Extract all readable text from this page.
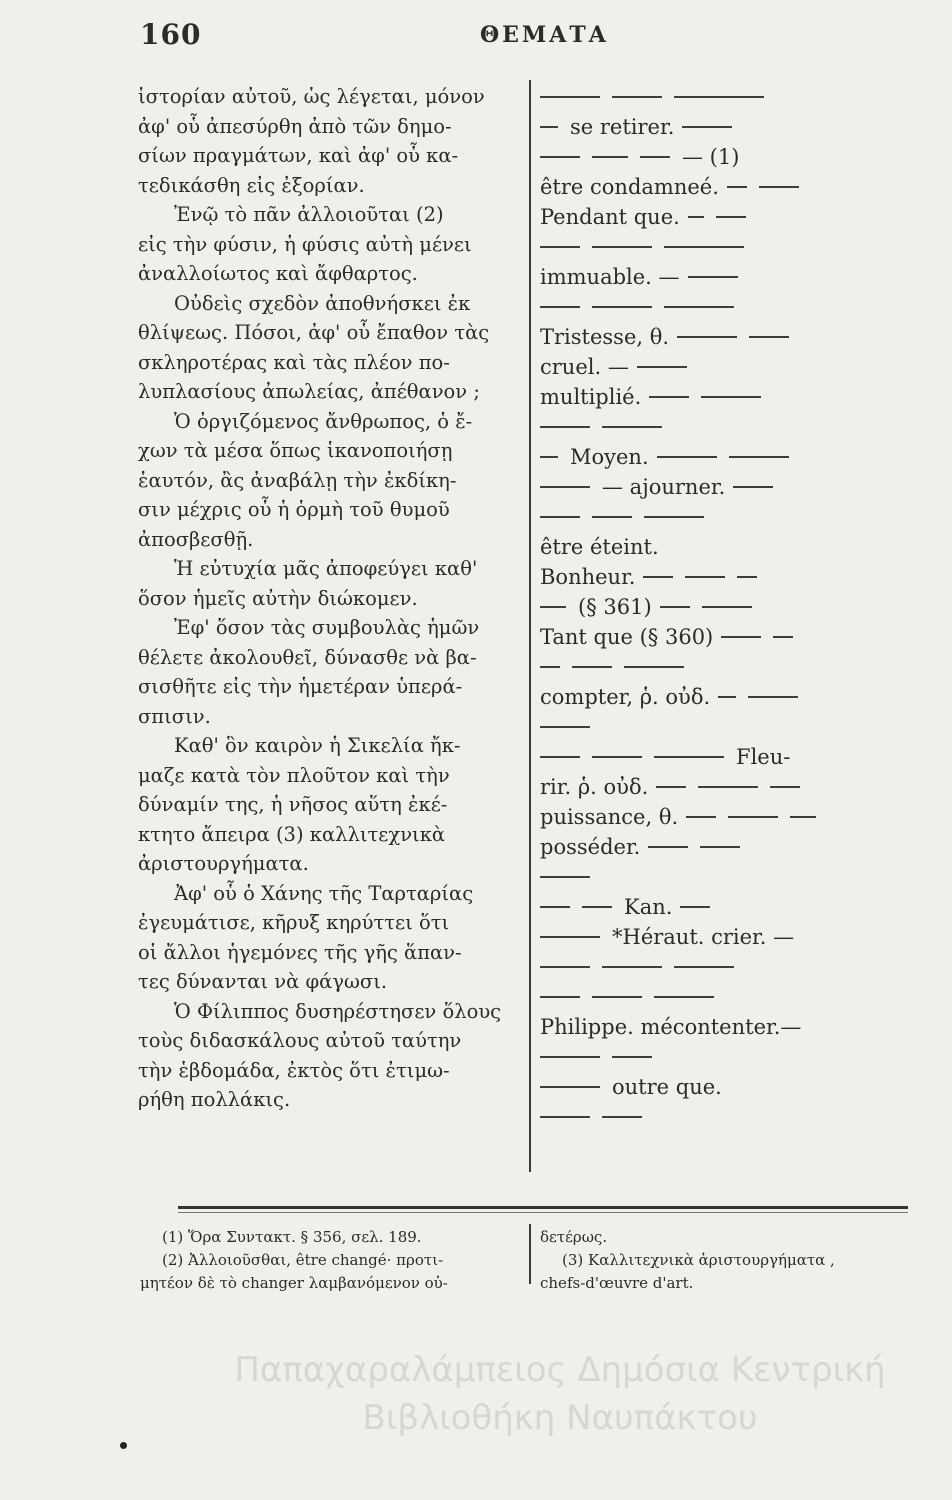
160	ΘΕΜΑΤΑ
ἱστορίαν αὐτοῦ, ὡς λέγεται, μόνον
ἀφ' οὗ ἀπεσύρθη ἀπὸ τῶν δημο-
σίων πραγμάτων, καὶ ἀφ' οὗ κα-
τεδικάσθη εἰς ἐξορίαν.
Ἐνῷ τὸ πᾶν ἀλλοιοῦται (2)
εἰς τὴν φύσιν, ἡ φύσις αὐτὴ μένει
ἀναλλοίωτος καὶ ἄφθαρτος.
Οὐδεὶς σχεδὸν ἀποθνήσκει ἐκ
θλίψεως. Πόσοι, ἀφ' οὗ ἔπαθον τὰς
σκληροτέρας καὶ τὰς πλέον πο-
λυπλασίους ἀπωλείας, ἀπέθανον ;
Ὁ ὀργιζόμενος ἄνθρωπος, ὁ ἔ-
χων τὰ μέσα ὅπως ἱκανοποιήσῃ
ἑαυτόν, ἂς ἀναβάλῃ τὴν ἐκδίκη-
σιν μέχρις οὗ ἡ ὁρμὴ τοῦ θυμοῦ
ἀποσβεσθῇ.
Ἡ εὐτυχία μᾶς ἀποφεύγει καθ'
ὅσον ἡμεῖς αὐτὴν διώκομεν.
Ἐφ' ὅσον τὰς συμβουλὰς ἡμῶν
θέλετε ἀκολουθεῖ, δύνασθε νὰ βα-
σισθῆτε εἰς τὴν ἡμετέραν ὑπερά-
σπισιν.
Καθ' ὃν καιρὸν ἡ Σικελία ἤκ-
μαζε κατὰ τὸν πλοῦτον καὶ τὴν
δύναμίν της, ἡ νῆσος αὕτη ἐκέ-
κτητο ἄπειρα (3) καλλιτεχνικὰ
ἀριστουργήματα.
Ἀφ' οὗ ὁ Χάνης τῆς Ταρταρίας
ἐγευμάτισε, κῆρυξ κηρύττει ὅτι
οἱ ἄλλοι ἡγεμόνες τῆς γῆς ἅπαν-
τες δύνανται νὰ φάγωσι.
Ὁ Φίλιππος δυσηρέστησεν ὅλους
τοὺς διδασκάλους αὐτοῦ ταύτην
τὴν ἑβδομάδα, ἐκτὸς ὅτι ἐτιμω-
ρήθη πολλάκις.
se retirer.
— (1)
être condamneé.
Pendant que.
immuable. —
Tristesse, θ.
cruel. —
multiplié.
Moyen.
— ajourner.
être éteint.
Bonheur.
(§ 361)
Tant que (§ 360)
compter, ῥ. οὐδ.
Fleu-
rir. ῥ. οὐδ.
puissance, θ.
posséder.
Kan.
*Héraut. crier. —
Philippe. mécontenter.—
outre que.
(1) Ὅρα Συντακτ. § 356, σελ. 189.
(2) Ἀλλοιοῦσθαι, être changé· προτι-
μητέον δὲ τὸ changer λαμβανόμενον οὐ-
δετέρως.
(3) Καλλιτεχνικὰ ἀριστουργήματα ,
chefs-d'œuvre d'art.
Παπαχαραλάμπειος Δημόσια Κεντρική
Βιβλιοθήκη Ναυπάκτου
